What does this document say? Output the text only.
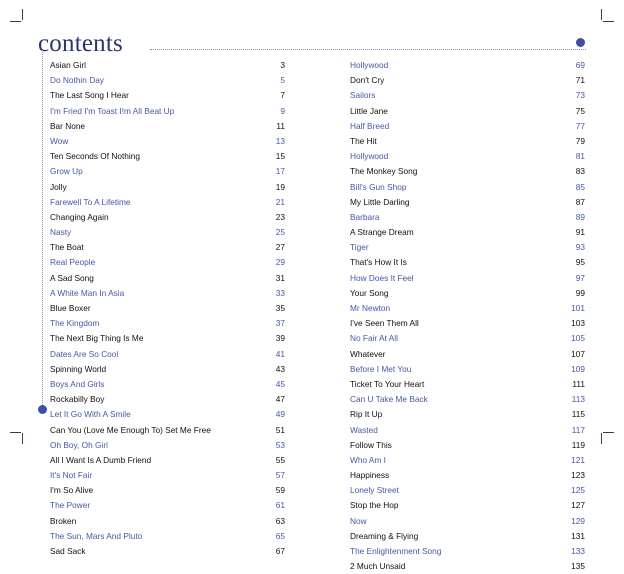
contents
Asian Girl	3
Do Nothin Day	5
The Last Song I Hear	7
I'm Fried I'm Toast I!m All Beat Up	9
Bar None	11
Wow	13
Ten Seconds Of Nothing	15
Grow Up	17
Jolly	19
Farewell To A Lifetime	21
Changing Again	23
Nasty	25
The Boat	27
Real People	29
A Sad Song	31
A White Man In Asia	33
Blue Boxer	35
The Kingdom	37
The Next Big Thing Is Me	39
Dates Are So Cool	41
Spinning World	43
Boys And Girls	45
Rockabilly Boy	47
Let It Go With A Smile	49
Can You (Love Me Enough To) Set Me Free	51
Oh Boy, Oh Girl	53
All I Want Is A Dumb Friend	55
It's Not Fair	57
I'm So Alive	59
The Power	61
Broken	63
The Sun, Mars And Pluto	65
Sad Sack	67
Hollywood	69
Don't Cry	71
Sailors	73
Little Jane	75
Half Breed	77
The Hit	79
Hollywood	81
The Monkey Song	83
Bill's Gun Shop	85
My Little Darling	87
Barbara	89
A Strange Dream	91
Tiger	93
That's How It Is	95
How Does It Feel	97
Your Song	99
Mr Newton	101
I've Seen Them All	103
No Fair At All	105
Whatever	107
Before I Met You	109
Ticket To Your Heart	111
Can U Take Me Back	113
Rip It Up	115
Wasted	117
Follow This	119
Who Am I	121
Happiness	123
Lonely Street	125
Stop the Hop	127
Now	129
Dreaming & Flying	131
The Enlightenment Song	133
2 Much Unsaid	135
